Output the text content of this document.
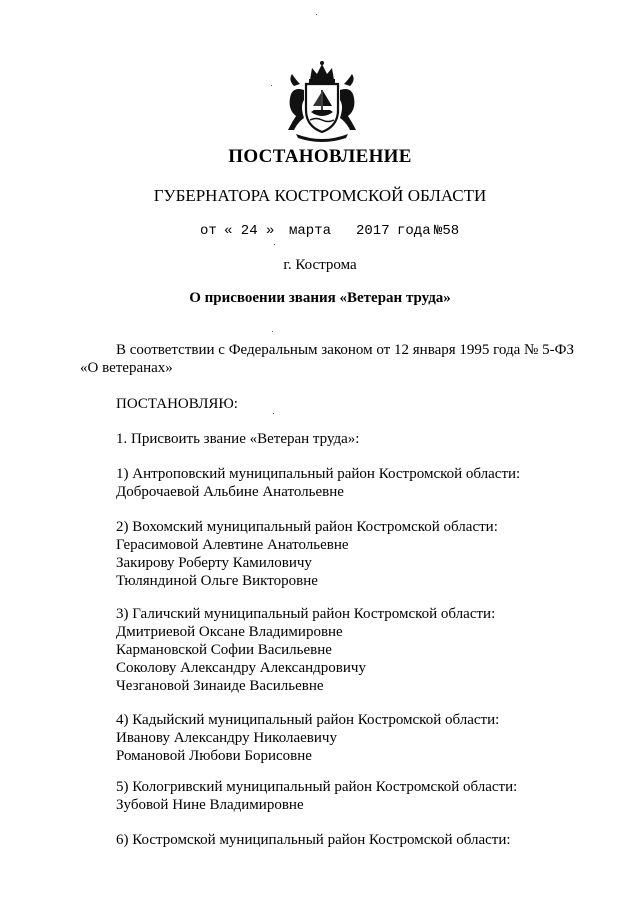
ПОСТАНОВЛЕНИЕ
ГУБЕРНАТОРА КОСТРОМСКОЙ ОБЛАСТИ
от « 24 » марта 2017 года №58
г. Кострома
О присвоении звания «Ветеран труда»
В соответствии с Федеральным законом от 12 января 1995 года № 5-ФЗ «О ветеранах»
ПОСТАНОВЛЯЮ:
1. Присвоить звание «Ветеран труда»:
1) Антроповский муниципальный район Костромской области:
Доброчаевой Альбине Анатольевне
2) Вохомский муниципальный район Костромской области:
Герасимовой Алевтине Анатольевне
Закирову Роберту Камиловичу
Тюляндиной Ольге Викторовне
3) Галичский муниципальный район Костромской области:
Дмитриевой Оксане Владимировне
Кармановской Софии Васильевне
Соколову Александру Александровичу
Чезгановой Зинаиде Васильевне
4) Кадыйский муниципальный район Костромской области:
Иванову Александру Николаевичу
Романовой Любови Борисовне
5) Кологривский муниципальный район Костромской области:
Зубовой Нине Владимировне
6) Костромской муниципальный район Костромской области:
